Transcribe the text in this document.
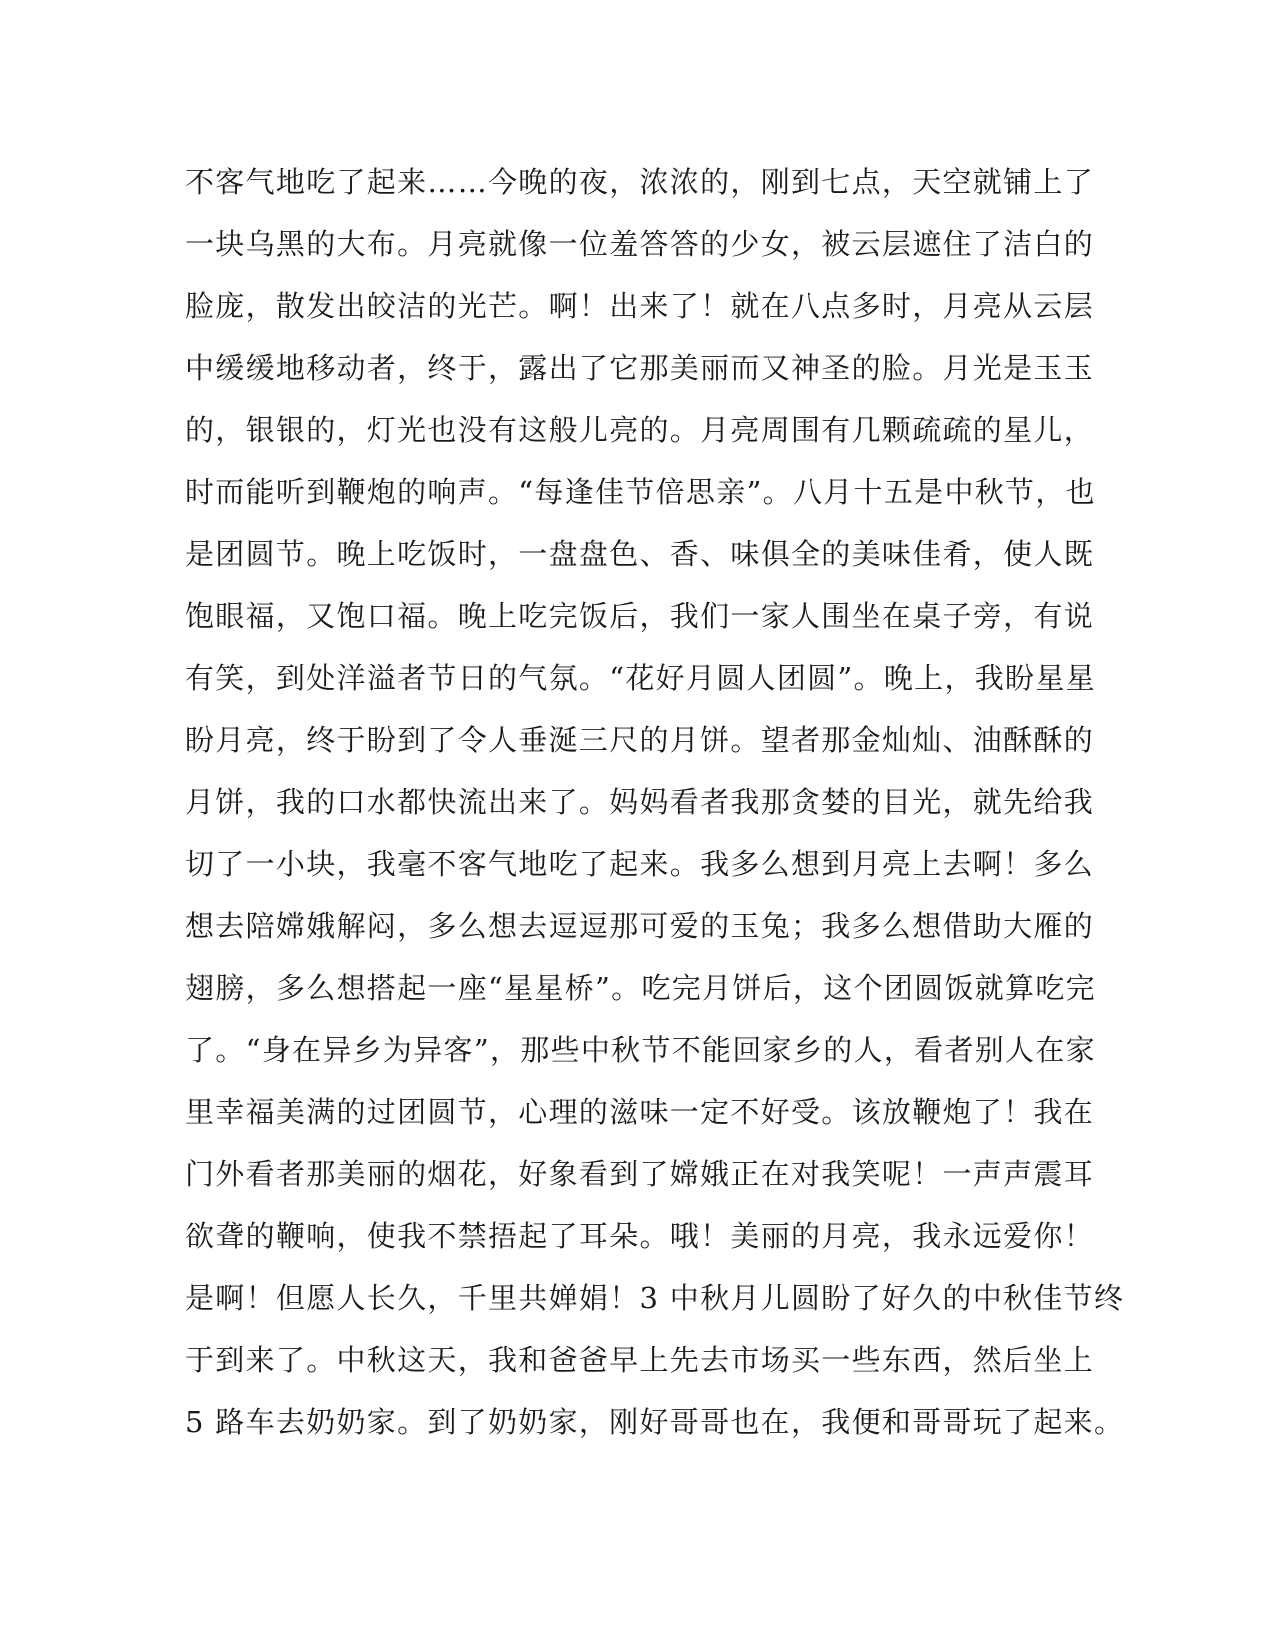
不客气地吃了起来……今晚的夜，浓浓的，刚到七点，天空就铺上了
一块乌黑的大布。月亮就像一位羞答答的少女，被云层遮住了洁白的
脸庞，散发出皎洁的光芒。啊！出来了！就在八点多时，月亮从云层
中缓缓地移动者，终于，露出了它那美丽而又神圣的脸。月光是玉玉
的，银银的，灯光也没有这般儿亮的。月亮周围有几颗疏疏的星儿，
时而能听到鞭炮的响声。“每逢佳节倍思亲”。八月十五是中秋节，也
是团圆节。晚上吃饭时，一盘盘色、香、味俱全的美味佳肴，使人既
饱眼福，又饱口福。晚上吃完饭后，我们一家人围坐在桌子旁，有说
有笑，到处洋溢者节日的气氛。“花好月圆人团圆”。晚上，我盼星星
盼月亮，终于盼到了令人垂涎三尺的月饼。望者那金灿灿、油酥酥的
月饼，我的口水都快流出来了。妈妈看者我那贪婪的目光，就先给我
切了一小块，我毫不客气地吃了起来。我多么想到月亮上去啊！多么
想去陪嫦娥解闷，多么想去逗逗那可爱的玉兔；我多么想借助大雁的
翅膀，多么想搭起一座“星星桥”。吃完月饼后，这个团圆饭就算吃完
了。“身在异乡为异客”，那些中秋节不能回家乡的人，看者别人在家
里幸福美满的过团圆节，心理的滋味一定不好受。该放鞭炮了！我在
门外看者那美丽的烟花，好象看到了嫦娥正在对我笑呢！一声声震耳
欲聋的鞭响，使我不禁捂起了耳朵。哦！美丽的月亮，我永远爱你！
是啊！但愿人长久，千里共婵娟！3 中秋月儿圆盼了好久的中秋佳节终
于到来了。中秋这天，我和爸爸早上先去市场买一些东西，然后坐上
5 路车去奶奶家。到了奶奶家，刚好哥哥也在，我便和哥哥玩了起来。
